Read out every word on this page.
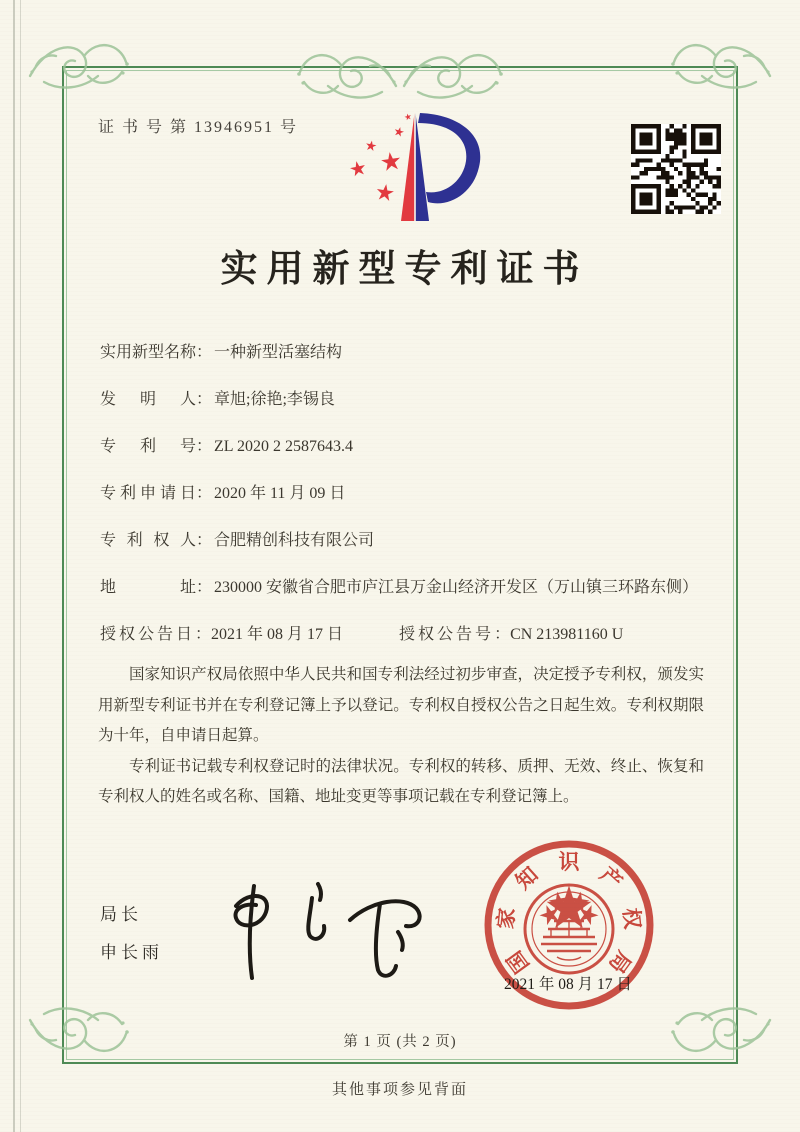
证 书 号 第 13946951 号
实用新型专利证书
实用新型名称 ： 一种新型活塞结构
发明人 ： 章旭;徐艳;李锡良
专利号 ： ZL 2020 2 2587643.4
专利申请日 ： 2020 年 11 月 09 日
专利权人 ： 合肥精创科技有限公司
地址 ： 230000 安徽省合肥市庐江县万金山经济开发区（万山镇三环路东侧）
授权公告日 ： 2021 年 08 月 17 日	授权公告号 ： CN 213981160 U

国家知识产权局依照中华人民共和国专利法经过初步审查，决定授予专利权，颁发实用新型专利证书并在专利登记簿上予以登记。专利权自授权公告之日起生效。专利权期限为十年，自申请日起算。

专利证书记载专利权登记时的法律状况。专利权的转移、质押、无效、终止、恢复和专利权人的姓名或名称、国籍、地址变更等事项记载在专利登记簿上。

局长
申长雨	国
家
知
识
产
权
局
2021 年 08 月 17 日
第 1 页 (共 2 页)
其他事项参见背面
